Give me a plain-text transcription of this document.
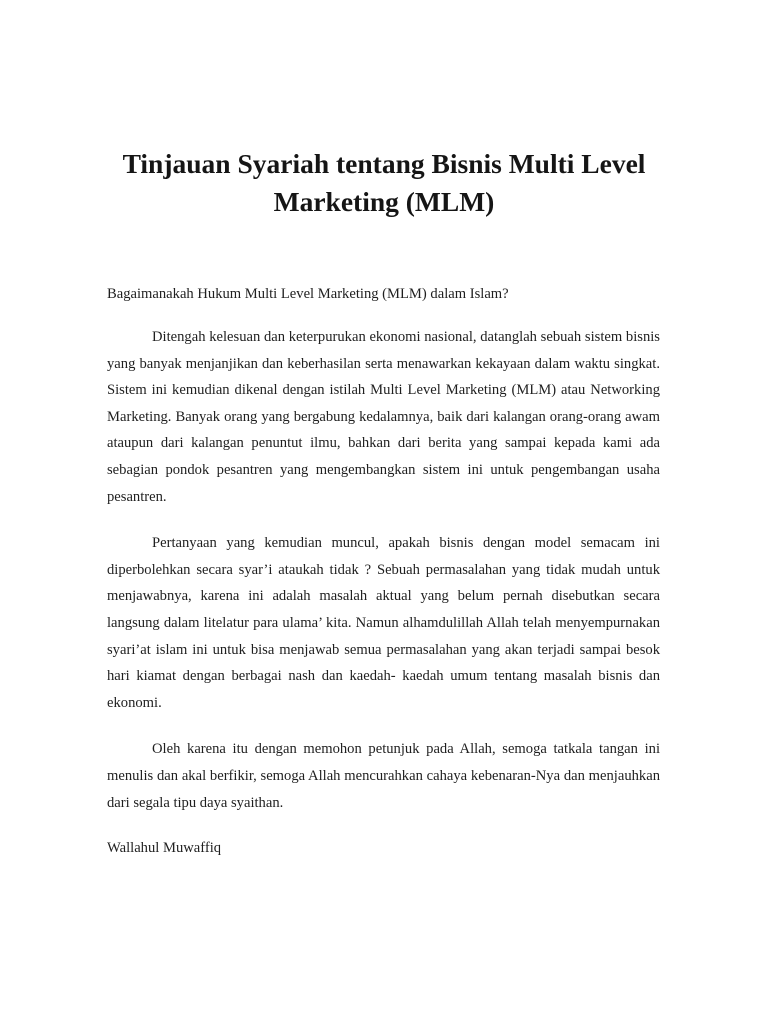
Tinjauan Syariah tentang Bisnis Multi Level Marketing (MLM)

Bagaimanakah Hukum Multi Level Marketing (MLM) dalam Islam?

Ditengah kelesuan dan keterpurukan ekonomi nasional, datanglah sebuah sistem bisnis yang banyak menjanjikan dan keberhasilan serta menawarkan kekayaan dalam waktu singkat. Sistem ini kemudian dikenal dengan istilah Multi Level Marketing (MLM) atau Networking Marketing. Banyak orang yang bergabung kedalamnya, baik dari kalangan orang-orang awam ataupun dari kalangan penuntut ilmu, bahkan dari berita yang sampai kepada kami ada sebagian pondok pesantren yang mengembangkan sistem ini untuk pengembangan usaha pesantren.

Pertanyaan yang kemudian muncul, apakah bisnis dengan model semacam ini diperbolehkan secara syar’i ataukah tidak ? Sebuah permasalahan yang tidak mudah untuk menjawabnya, karena ini adalah masalah aktual yang belum pernah disebutkan secara langsung dalam litelatur para ulama’ kita. Namun alhamdulillah Allah telah menyempurnakan syari’at islam ini untuk bisa menjawab semua permasalahan yang akan terjadi sampai besok hari kiamat dengan berbagai nash dan kaedah- kaedah umum tentang masalah bisnis dan ekonomi.

Oleh karena itu dengan memohon petunjuk pada Allah, semoga tatkala tangan ini menulis dan akal berfikir, semoga Allah mencurahkan cahaya kebenaran-Nya dan menjauhkan dari segala tipu daya syaithan.

Wallahul Muwaffiq
